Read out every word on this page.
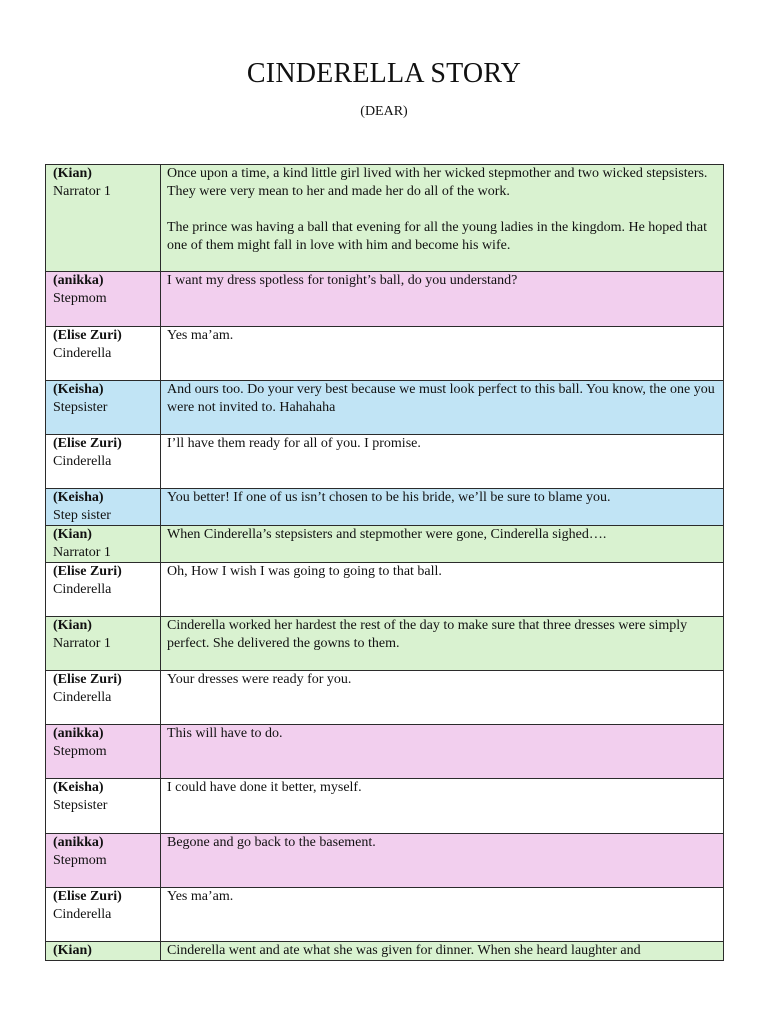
CINDERELLA STORY
(DEAR)
(Kian)
Narrator 1	Once upon a time, a kind little girl lived with her wicked stepmother and two wicked stepsisters. They were very mean to her and made her do all of the work.
The prince was having a ball that evening for all the young ladies in the kingdom. He hoped that one of them might fall in love with him and become his wife.

(anikka)
Stepmom	I want my dress spotless for tonight’s ball, do you understand?

(Elise Zuri)
Cinderella	Yes ma’am.

(Keisha)
Stepsister	And ours too. Do your very best because we must look perfect to this ball. You know, the one you were not invited to. Hahahaha

(Elise Zuri)
Cinderella	I’ll have them ready for all of you. I promise.

(Keisha)
Step sister	You better! If one of us isn’t chosen to be his bride, we’ll be sure to blame you.

(Kian)
Narrator 1	When Cinderella’s stepsisters and stepmother were gone, Cinderella sighed….

(Elise Zuri)
Cinderella	Oh, How I wish I was going to going to that ball.

(Kian)
Narrator 1	Cinderella worked her hardest the rest of the day to make sure that three dresses were simply perfect. She delivered the gowns to them.

(Elise Zuri)
Cinderella	Your dresses were ready for you.

(anikka)
Stepmom	This will have to do.

(Keisha)
Stepsister	I could have done it better, myself.

(anikka)
Stepmom	Begone and go back to the basement.

(Elise Zuri)
Cinderella	Yes ma’am.

(Kian)	Cinderella went and ate what she was given for dinner. When she heard laughter and
